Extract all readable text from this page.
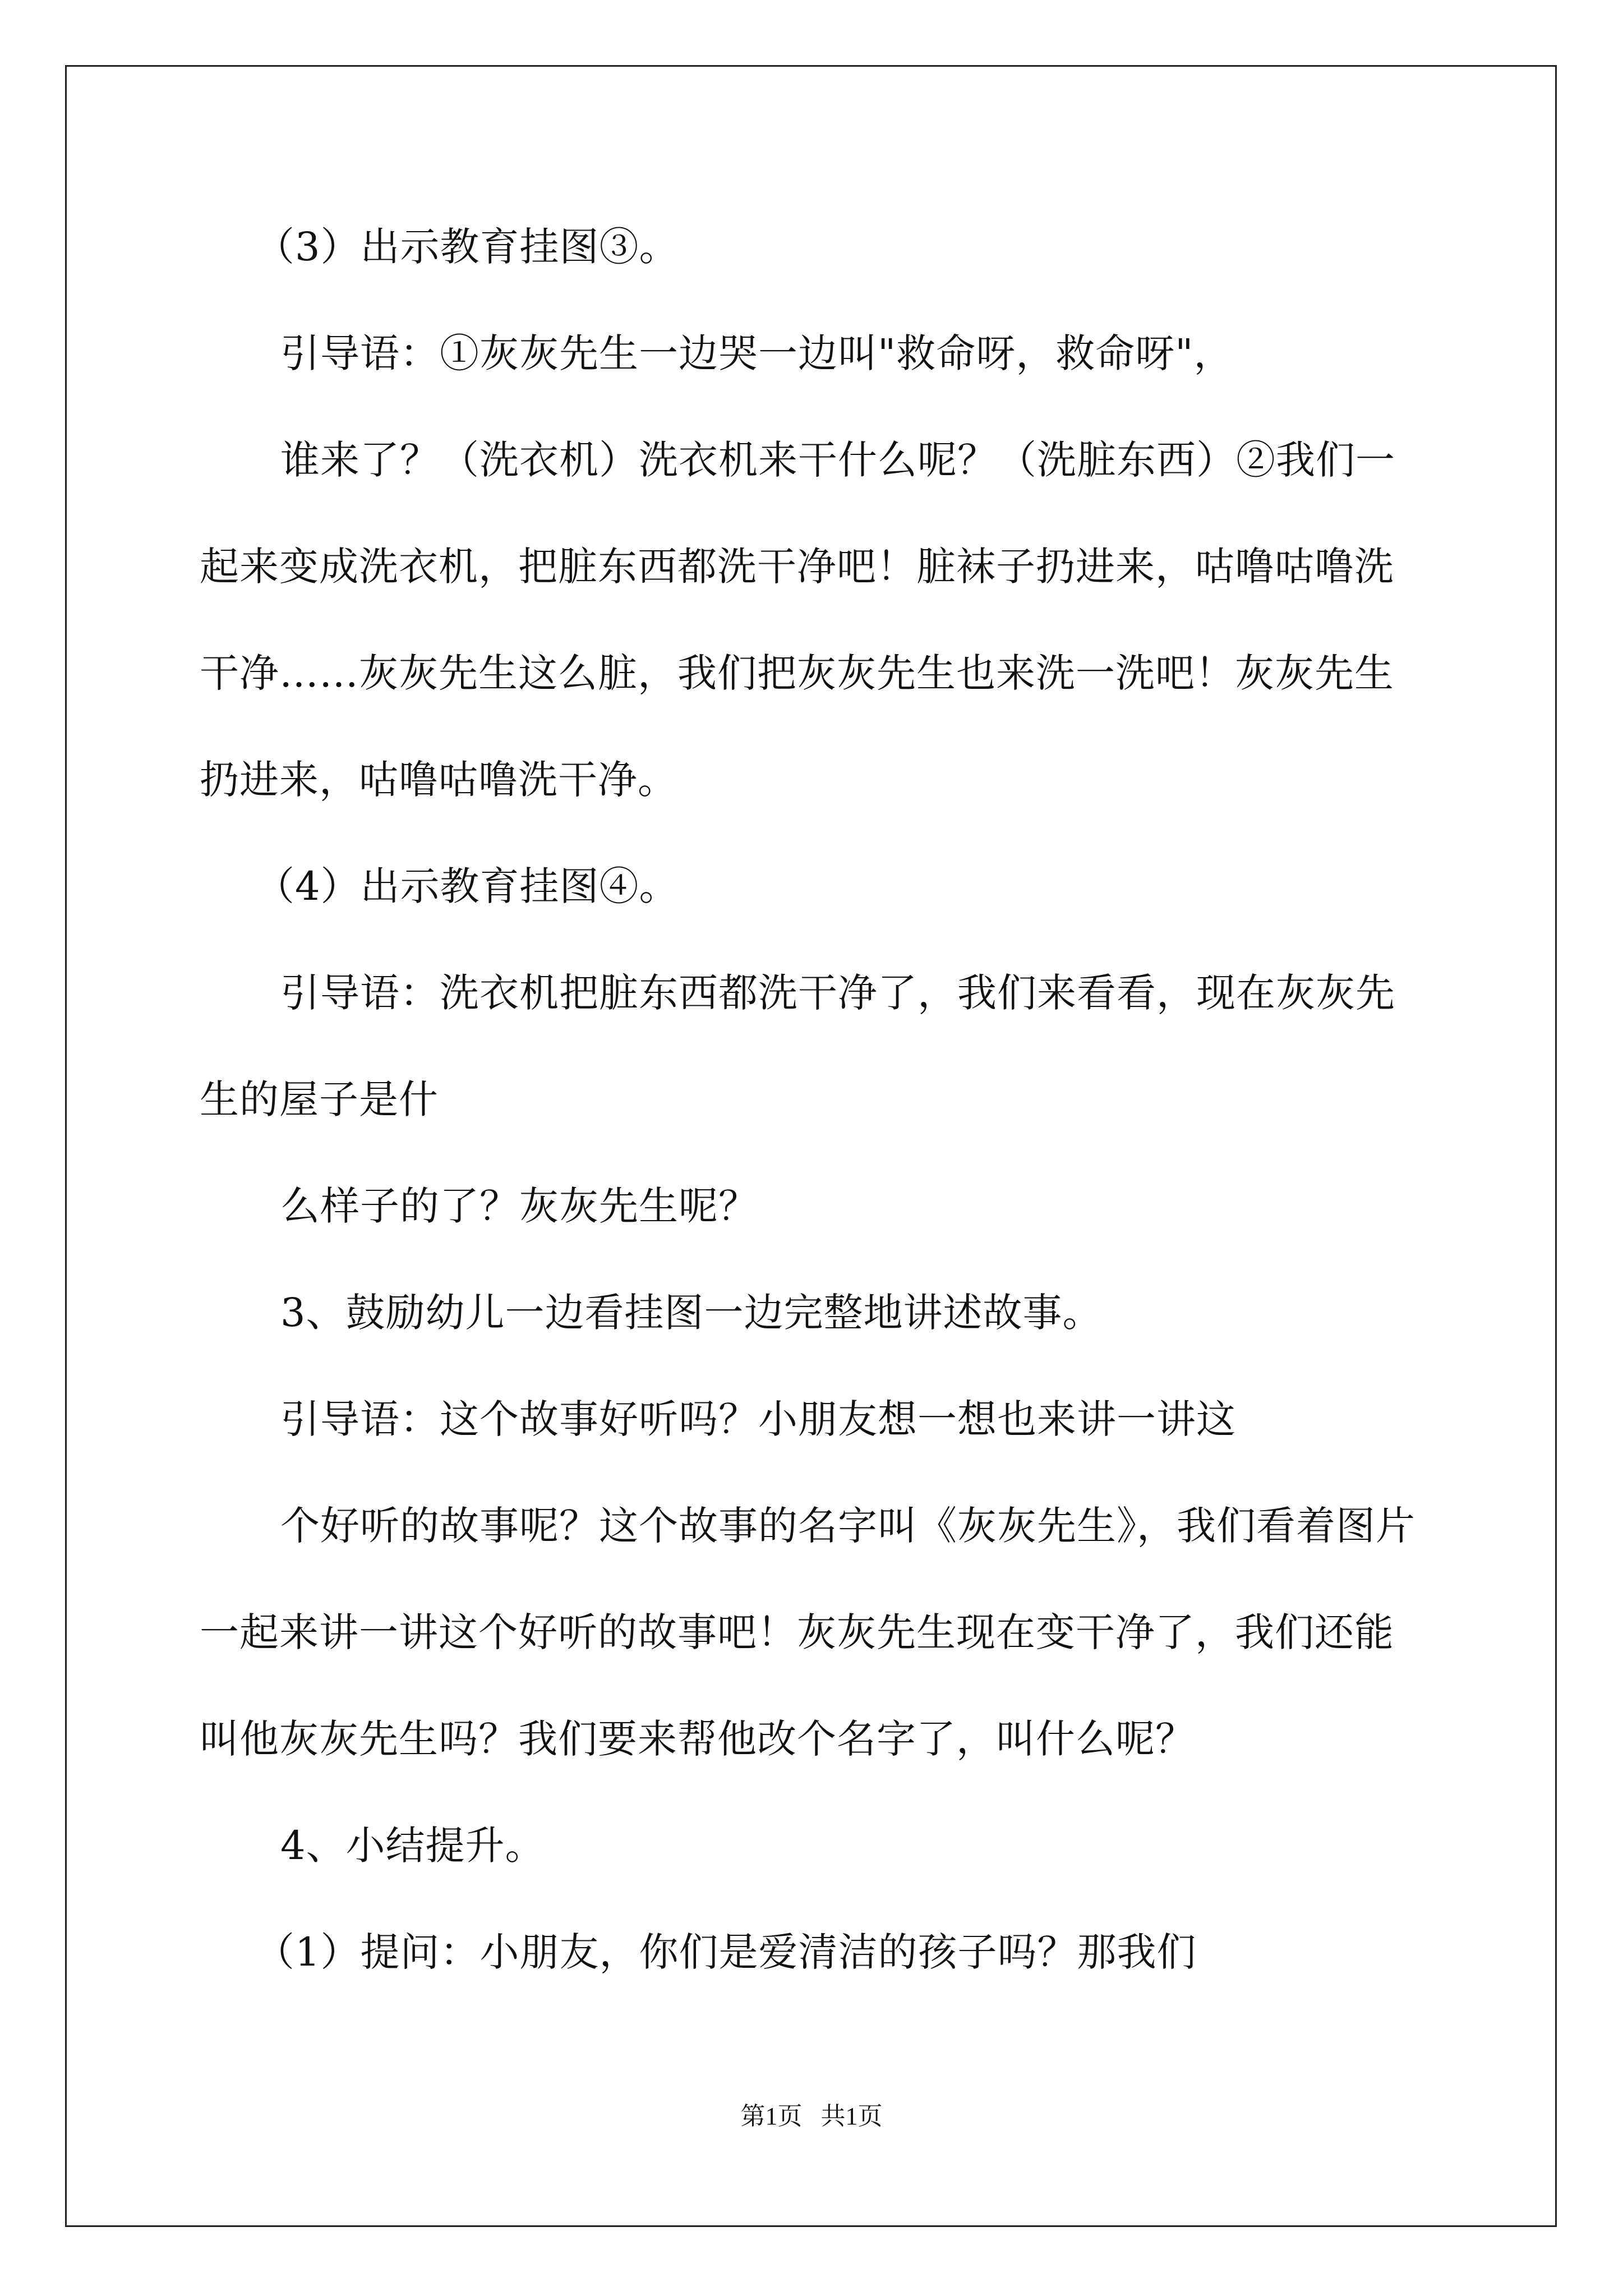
（3）出示教育挂图③。
引导语：①灰灰先生一边哭一边叫"救命呀，救命呀"，
谁来了？（洗衣机）洗衣机来干什么呢？（洗脏东西）②我们一
起来变成洗衣机，把脏东西都洗干净吧！脏袜子扔进来，咕噜咕噜洗
干净……灰灰先生这么脏，我们把灰灰先生也来洗一洗吧！灰灰先生
扔进来，咕噜咕噜洗干净。
（4）出示教育挂图④。
引导语：洗衣机把脏东西都洗干净了，我们来看看，现在灰灰先
生的屋子是什
么样子的了？灰灰先生呢？
3、鼓励幼儿一边看挂图一边完整地讲述故事。
引导语：这个故事好听吗？小朋友想一想也来讲一讲这
个好听的故事呢？这个故事的名字叫《灰灰先生》，我们看着图片
一起来讲一讲这个好听的故事吧！灰灰先生现在变干净了，我们还能
叫他灰灰先生吗？我们要来帮他改个名字了，叫什么呢？
4、小结提升。
（1）提问：小朋友，你们是爱清洁的孩子吗？那我们
第1页   共1页
